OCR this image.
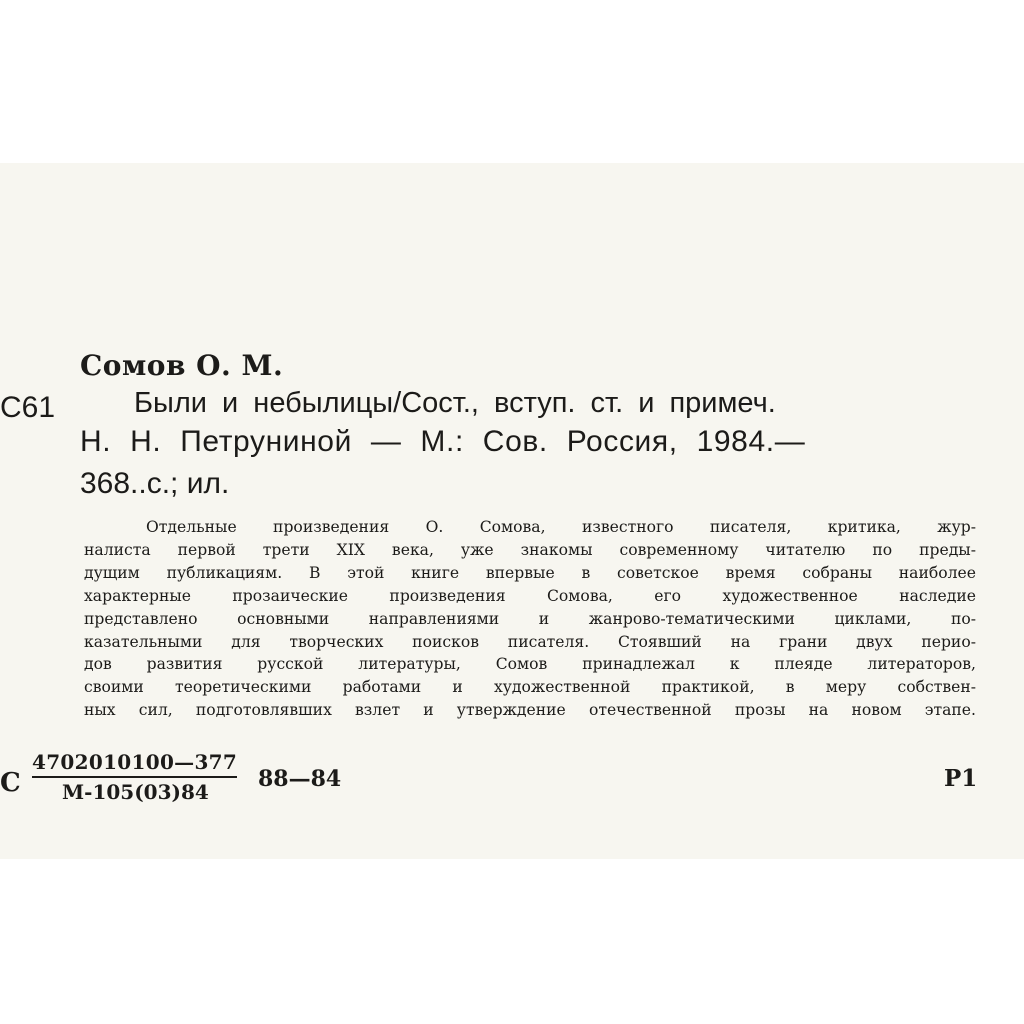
Сомов О. М.
С61	Были и небылицы/Сост., вступ. ст. и примеч.
Н. Н. Петруниной — М.: Сов. Россия, 1984.—
368..с.; ил.
Отдельные произведения О. Сомова, известного писателя, критика, жур-
налиста первой трети XIX века, уже знакомы современному читателю по преды-
дущим публикациям. В этой книге впервые в советское время собраны наиболее
характерные прозаические произведения Сомова, его художественное наследие
представлено основными направлениями и жанрово-тематическими циклами, по-
казательными для творческих поисков писателя. Стоявший на грани двух перио-
дов развития русской литературы, Сомов принадлежал к плеяде литераторов,
своими теоретическими работами и художественной практикой, в меру собствен-
ных сил, подготовлявших взлет и утверждение отечественной прозы на новом этапе.
С
4702010100—377
М-105(03)84	88—84	Р1
